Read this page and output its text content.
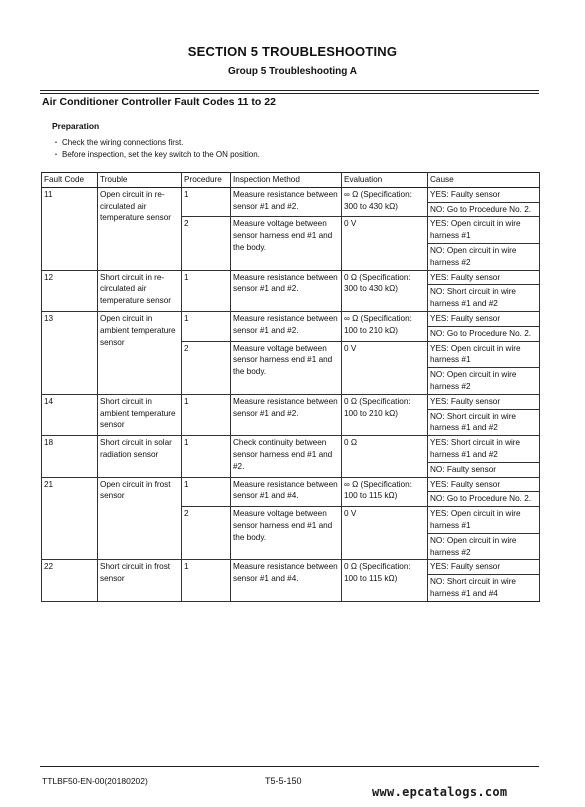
SECTION 5 TROUBLESHOOTING
Group 5 Troubleshooting A
Air Conditioner Controller Fault Codes 11 to 22
Preparation
・ Check the wiring connections first.
・ Before inspection, set the key switch to the ON position.
Fault Code	Trouble	Procedure	Inspection Method	Evaluation	Cause
11	Open circuit in re-circulated air temperature sensor	1	Measure resistance between sensor #1 and #2.	∞ Ω (Specification: 300 to 430 kΩ)	YES: Faulty sensor
					NO: Go to Procedure No. 2.
		2	Measure voltage between sensor harness end #1 and the body.	0 V	YES: Open circuit in wire harness #1
					NO: Open circuit in wire harness #2
12	Short circuit in re-circulated air temperature sensor	1	Measure resistance between sensor #1 and #2.	0 Ω (Specification: 300 to 430 kΩ)	YES: Faulty sensor
					NO: Short circuit in wire harness #1 and #2
13	Open circuit in ambient temperature sensor	1	Measure resistance between sensor #1 and #2.	∞ Ω (Specification: 100 to 210 kΩ)	YES: Faulty sensor
					NO: Go to Procedure No. 2.
		2	Measure voltage between sensor harness end #1 and the body.	0 V	YES: Open circuit in wire harness #1
					NO: Open circuit in wire harness #2
14	Short circuit in ambient temperature sensor	1	Measure resistance between sensor #1 and #2.	0 Ω (Specification: 100 to 210 kΩ)	YES: Faulty sensor
					NO: Short circuit in wire harness #1 and #2
18	Short circuit in solar radiation sensor	1	Check continuity between sensor harness end #1 and #2.	0 Ω	YES: Short circuit in wire harness #1 and #2
					NO: Faulty sensor
21	Open circuit in frost sensor	1	Measure resistance between sensor #1 and #4.	∞ Ω (Specification: 100 to 115 kΩ)	YES: Faulty sensor
					NO: Go to Procedure No. 2.
		2	Measure voltage between sensor harness end #1 and the body.	0 V	YES: Open circuit in wire harness #1
					NO: Open circuit in wire harness #2
22	Short circuit in frost sensor	1	Measure resistance between sensor #1 and #4.	0 Ω (Specification: 100 to 115 kΩ)	YES: Faulty sensor
					NO: Short circuit in wire harness #1 and #4
TTLBF50-EN-00(20180202)	T5-5-150
www.epcatalogs.com
